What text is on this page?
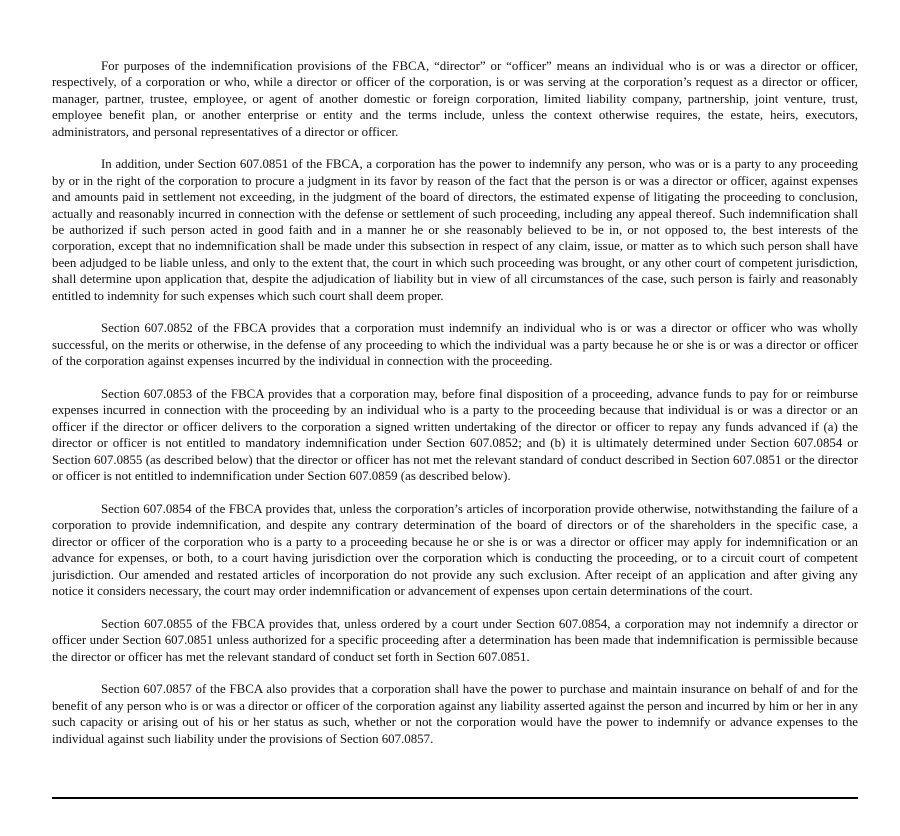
For purposes of the indemnification provisions of the FBCA, “director” or “officer” means an individual who is or was a director or officer, respectively, of a corporation or who, while a director or officer of the corporation, is or was serving at the corporation’s request as a director or officer, manager, partner, trustee, employee, or agent of another domestic or foreign corporation, limited liability company, partnership, joint venture, trust, employee benefit plan, or another enterprise or entity and the terms include, unless the context otherwise requires, the estate, heirs, executors, administrators, and personal representatives of a director or officer.

In addition, under Section 607.0851 of the FBCA, a corporation has the power to indemnify any person, who was or is a party to any proceeding by or in the right of the corporation to procure a judgment in its favor by reason of the fact that the person is or was a director or officer, against expenses and amounts paid in settlement not exceeding, in the judgment of the board of directors, the estimated expense of litigating the proceeding to conclusion, actually and reasonably incurred in connection with the defense or settlement of such proceeding, including any appeal thereof. Such indemnification shall be authorized if such person acted in good faith and in a manner he or she reasonably believed to be in, or not opposed to, the best interests of the corporation, except that no indemnification shall be made under this subsection in respect of any claim, issue, or matter as to which such person shall have been adjudged to be liable unless, and only to the extent that, the court in which such proceeding was brought, or any other court of competent jurisdiction, shall determine upon application that, despite the adjudication of liability but in view of all circumstances of the case, such person is fairly and reasonably entitled to indemnity for such expenses which such court shall deem proper.

Section 607.0852 of the FBCA provides that a corporation must indemnify an individual who is or was a director or officer who was wholly successful, on the merits or otherwise, in the defense of any proceeding to which the individual was a party because he or she is or was a director or officer of the corporation against expenses incurred by the individual in connection with the proceeding.

Section 607.0853 of the FBCA provides that a corporation may, before final disposition of a proceeding, advance funds to pay for or reimburse expenses incurred in connection with the proceeding by an individual who is a party to the proceeding because that individual is or was a director or an officer if the director or officer delivers to the corporation a signed written undertaking of the director or officer to repay any funds advanced if (a) the director or officer is not entitled to mandatory indemnification under Section 607.0852; and (b) it is ultimately determined under Section 607.0854 or Section 607.0855 (as described below) that the director or officer has not met the relevant standard of conduct described in Section 607.0851 or the director or officer is not entitled to indemnification under Section 607.0859 (as described below).

Section 607.0854 of the FBCA provides that, unless the corporation’s articles of incorporation provide otherwise, notwithstanding the failure of a corporation to provide indemnification, and despite any contrary determination of the board of directors or of the shareholders in the specific case, a director or officer of the corporation who is a party to a proceeding because he or she is or was a director or officer may apply for indemnification or an advance for expenses, or both, to a court having jurisdiction over the corporation which is conducting the proceeding, or to a circuit court of competent jurisdiction. Our amended and restated articles of incorporation do not provide any such exclusion. After receipt of an application and after giving any notice it considers necessary, the court may order indemnification or advancement of expenses upon certain determinations of the court.

Section 607.0855 of the FBCA provides that, unless ordered by a court under Section 607.0854, a corporation may not indemnify a director or officer under Section 607.0851 unless authorized for a specific proceeding after a determination has been made that indemnification is permissible because the director or officer has met the relevant standard of conduct set forth in Section 607.0851.

Section 607.0857 of the FBCA also provides that a corporation shall have the power to purchase and maintain insurance on behalf of and for the benefit of any person who is or was a director or officer of the corporation against any liability asserted against the person and incurred by him or her in any such capacity or arising out of his or her status as such, whether or not the corporation would have the power to indemnify or advance expenses to the individual against such liability under the provisions of Section 607.0857.
